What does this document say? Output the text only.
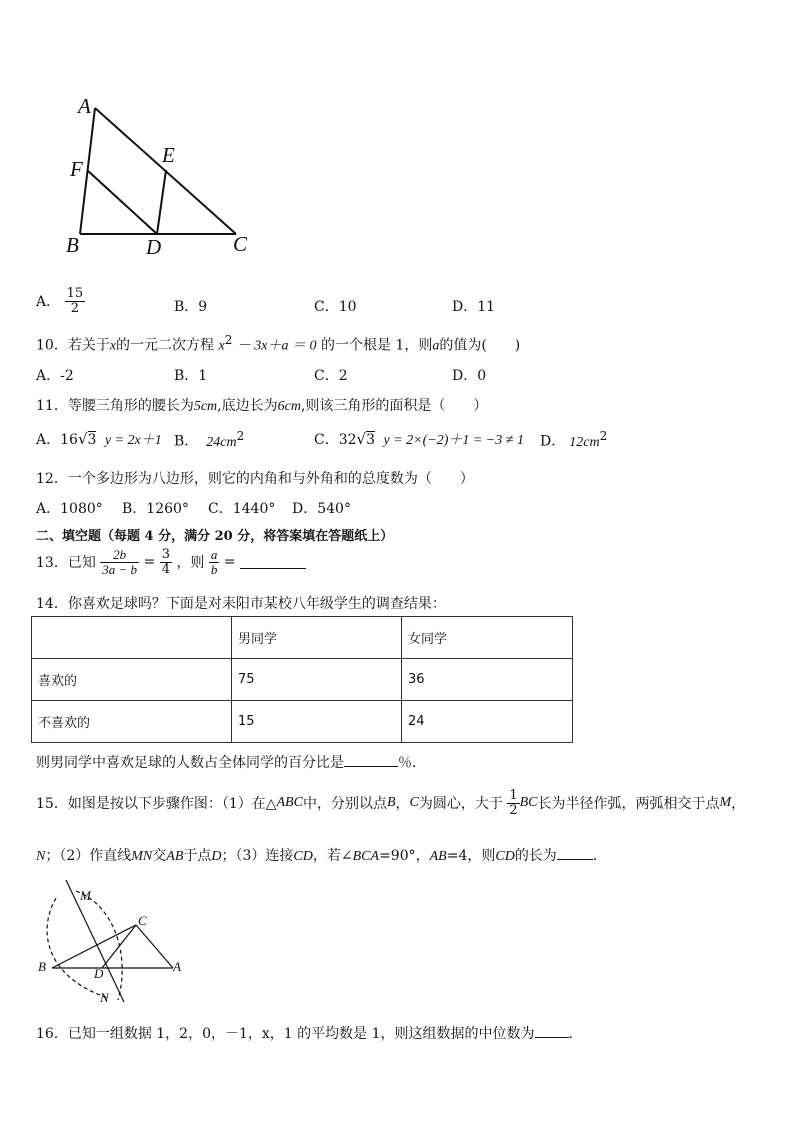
A
F
E
B	D	C
A． $\frac{15}{2}$	B．9	C．10	D．11
10．若关于x的一元二次方程 $x^2 - 3x+a = 0$ 的一个根是 1，则a的值为(　　)
A．-2	B．1	C．2	D．0
11．等腰三角形的腰长为5cm,底边长为6cm,则该三角形的面积是（　　）
A．16√3 y = 2x＋1 B． $24cm^2$	C．32√3 y = 2×(−2)＋1 = −3 ≠ 1 D． $12cm^2$
12．一个多边形为八边形，则它的内角和与外角和的总度数为（　　）
A．1080° B．1260° C．1440° D．540°
二、填空题（每题 4 分，满分 20 分，将答案填在答题纸上）
13．已知 $\frac{2b}{3a - b} = \frac{3}{4}$ ，则 $\frac{a}{b}$ =
14．你喜欢足球吗？下面是对耒阳市某校八年级学生的调查结果：
	男同学	女同学
喜欢的	75	36
不喜欢的	15	24
则男同学中喜欢足球的人数占全体同学的百分比是	％．
15．如图是按以下步骤作图：（1）在△ABC中，分别以点B，C为圆心，大于 $\frac{1}{2}$ BC长为半径作弧，两弧相交于点M，
N；（2）作直线MN交AB于点D；（3）连接CD，若∠BCA=90°，AB=4，则CD的长为	．
M
C
B	D	A
N
16．已知一组数据 1，2，0，－1，x，1 的平均数是 1，则这组数据的中位数为 .
